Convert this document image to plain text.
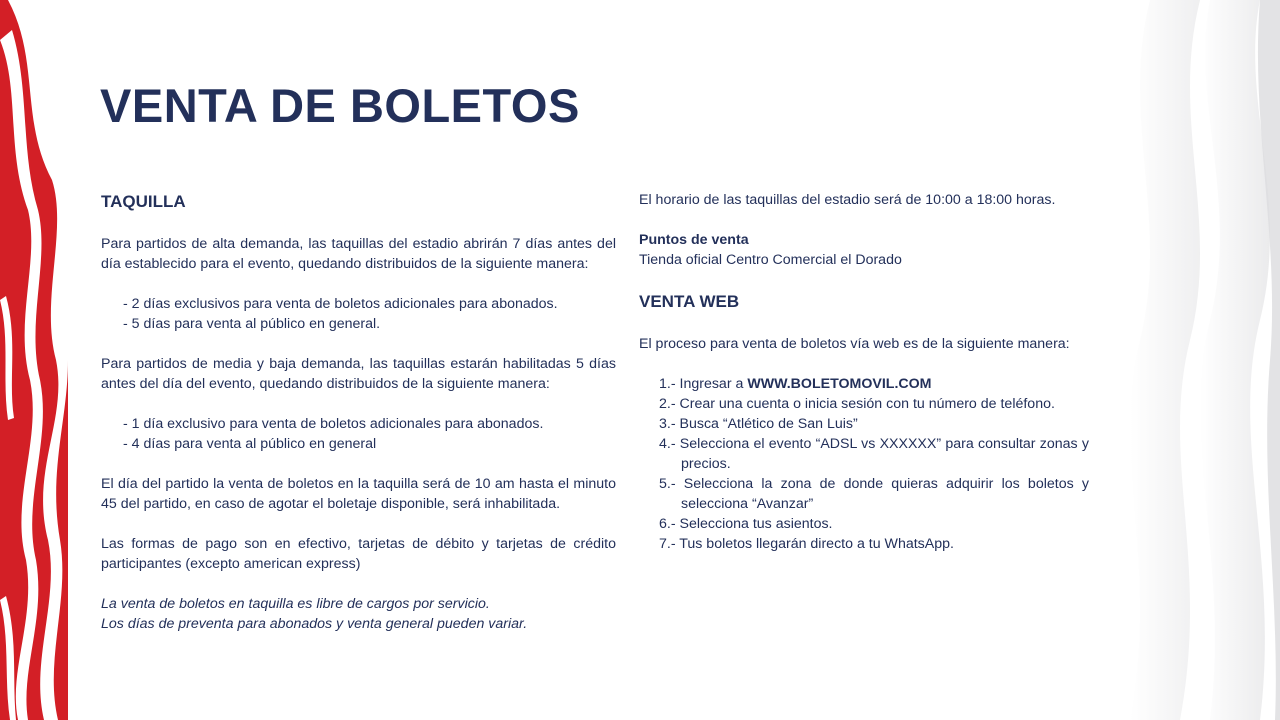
VENTA DE BOLETOS

TAQUILLA

Para partidos de alta demanda, las taquillas del estadio abrirán 7 días antes del día establecido para el evento, quedando distribuidos de la siguiente manera:

- 2 días exclusivos para venta de boletos adicionales para abonados.
- 5 días para venta al público en general.

Para partidos de media y baja demanda, las taquillas estarán habilitadas 5 días antes del día del evento, quedando distribuidos de la siguiente manera:

- 1 día exclusivo para venta de boletos adicionales para abonados.
- 4 días para venta al público en general

El día del partido la venta de boletos en la taquilla será de 10 am hasta el minuto 45 del partido, en caso de agotar el boletaje disponible, será inhabilitada.

Las formas de pago son en efectivo, tarjetas de débito y tarjetas de crédito participantes (excepto american express)

La venta de boletos en taquilla es libre de cargos por servicio.

Los días de preventa para abonados y venta general pueden variar.

El horario de las taquillas del estadio será de 10:00 a 18:00 horas.

Puntos de venta

Tienda oficial Centro Comercial el Dorado

VENTA WEB

El proceso para venta de boletos vía web es de la siguiente manera:

1.- Ingresar a WWW.BOLETOMOVIL.COM
2.- Crear una cuenta o inicia sesión con tu número de teléfono.
3.- Busca “Atlético de San Luis”
4.- Selecciona el evento “ADSL vs XXXXXX” para consultar zonas y precios.
5.- Selecciona la zona de donde quieras adquirir los boletos y selecciona “Avanzar”
6.- Selecciona tus asientos.
7.- Tus boletos llegarán directo a tu WhatsApp.
